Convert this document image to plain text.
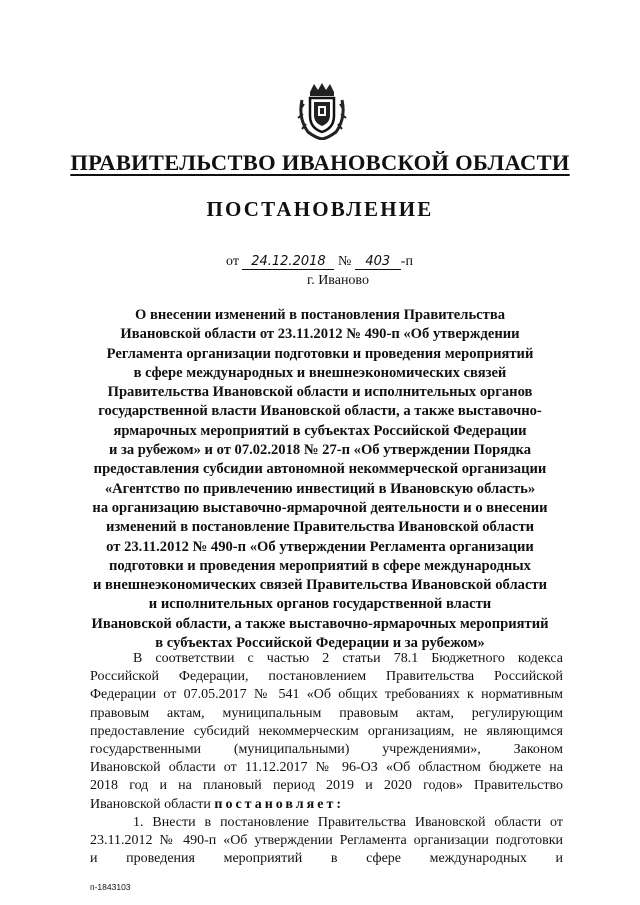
ПРАВИТЕЛЬСТВО ИВАНОВСКОЙ ОБЛАСТИ
ПОСТАНОВЛЕНИЕ
от 24.12.2018 № 403 -п
г. Иваново
О внесении изменений в постановления Правительства
Ивановской области от 23.11.2012 № 490-п «Об утверждении
Регламента организации подготовки и проведения мероприятий
в сфере международных и внешнеэкономических связей
Правительства Ивановской области и исполнительных органов
государственной власти Ивановской области, а также выставочно-
ярмарочных мероприятий в субъектах Российской Федерации
и за рубежом» и от 07.02.2018 № 27-п «Об утверждении Порядка
предоставления субсидии автономной некоммерческой организации
«Агентство по привлечению инвестиций в Ивановскую область»
на организацию выставочно-ярмарочной деятельности и о внесении
изменений в постановление Правительства Ивановской области
от 23.11.2012 № 490-п «Об утверждении Регламента организации
подготовки и проведения мероприятий в сфере международных
и внешнеэкономических связей Правительства Ивановской области
и исполнительных органов государственной власти
Ивановской области, а также выставочно-ярмарочных мероприятий
в субъектах Российской Федерации и за рубежом»
В соответствии с частью 2 статьи 78.1 Бюджетного кодекса
Российской Федерации, постановлением Правительства Российской
Федерации от 07.05.2017 № 541 «Об общих требованиях к нормативным
правовым актам, муниципальным правовым актам, регулирующим
предоставление субсидий некоммерческим организациям, не являющимся
государственными (муниципальными) учреждениями», Законом
Ивановской области от 11.12.2017 № 96-ОЗ «Об областном бюджете на
2018 год и на плановый период 2019 и 2020 годов» Правительство
Ивановской области постановляет:
1. Внести в постановление Правительства Ивановской области от
23.11.2012 № 490-п «Об утверждении Регламента организации подготовки
и проведения мероприятий в сфере международных и
п-1843103
